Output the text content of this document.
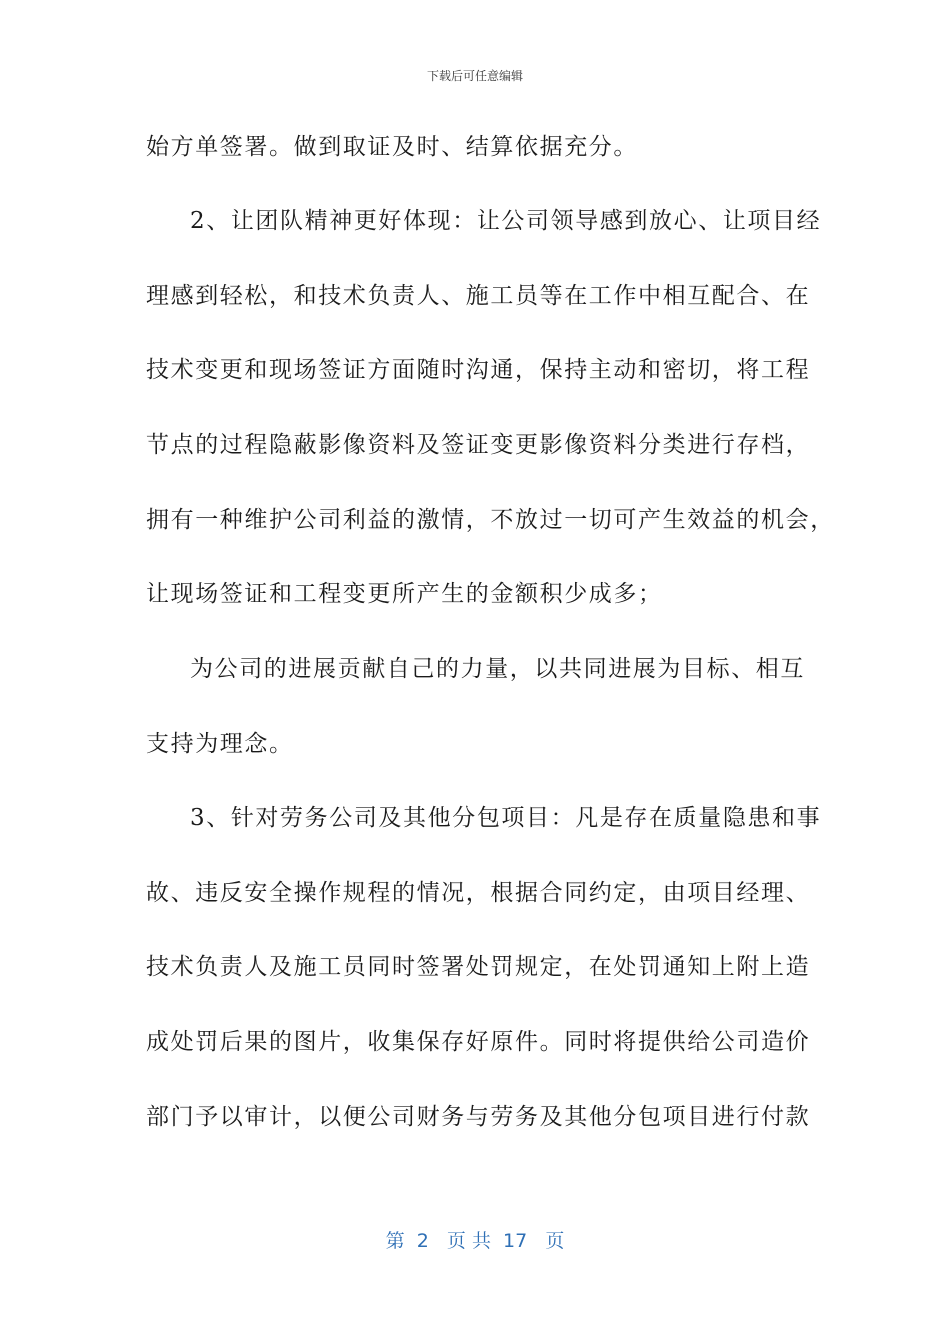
下载后可任意编辑
始方单签署。做到取证及时、结算依据充分。
2、让团队精神更好体现：让公司领导感到放心、让项目经
理感到轻松，和技术负责人、施工员等在工作中相互配合、在
技术变更和现场签证方面随时沟通，保持主动和密切，将工程
节点的过程隐蔽影像资料及签证变更影像资料分类进行存档，
拥有一种维护公司利益的激情，不放过一切可产生效益的机会，
让现场签证和工程变更所产生的金额积少成多；
为公司的进展贡献自己的力量，以共同进展为目标、相互
支持为理念。
3、针对劳务公司及其他分包项目：凡是存在质量隐患和事
故、违反安全操作规程的情况，根据合同约定，由项目经理、
技术负责人及施工员同时签署处罚规定，在处罚通知上附上造
成处罚后果的图片，收集保存好原件。同时将提供给公司造价
部门予以审计，以便公司财务与劳务及其他分包项目进行付款
第  2   页 共  17   页
